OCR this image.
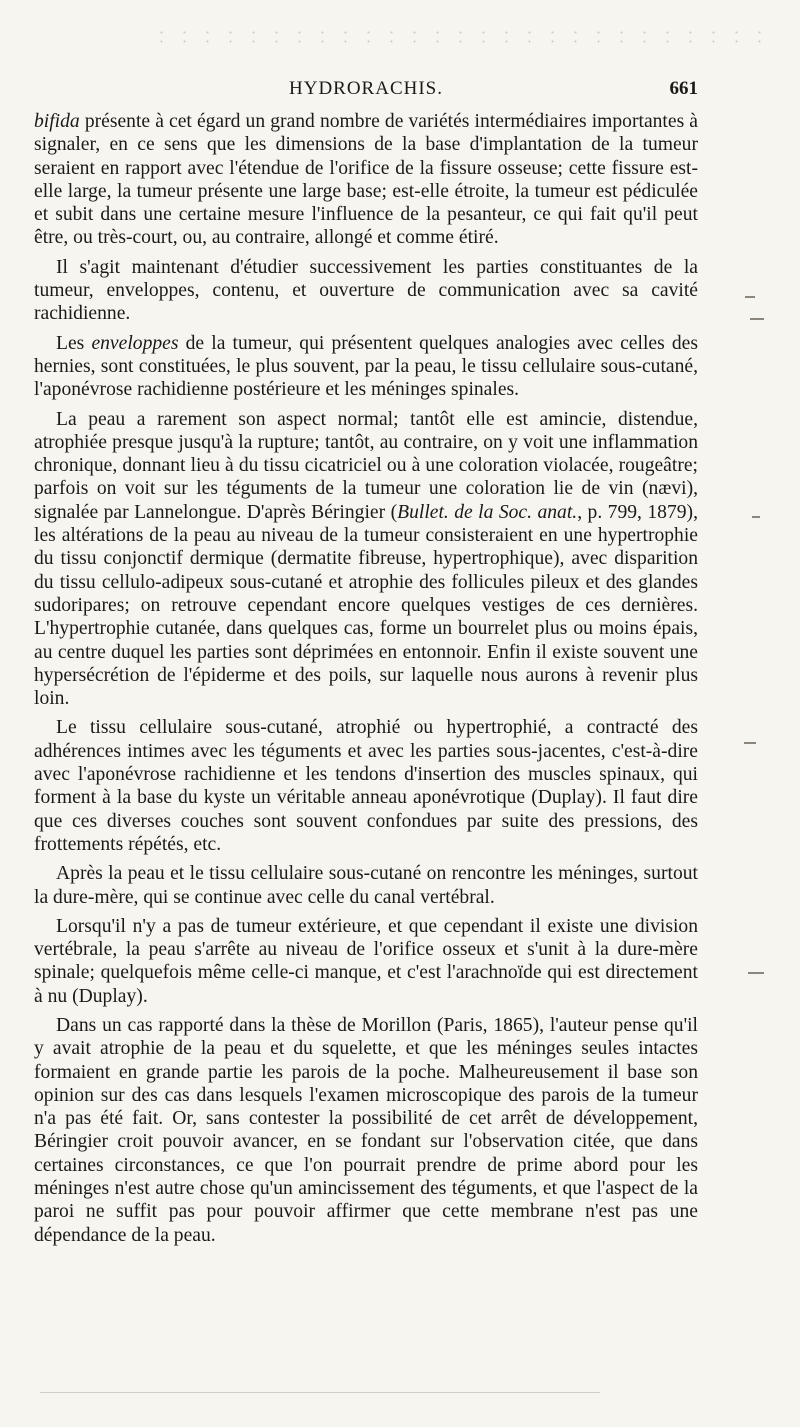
HYDRORACHIS.	661

bifida présente à cet égard un grand nombre de variétés intermédiaires importantes à signaler, en ce sens que les dimensions de la base d'implantation de la tumeur seraient en rapport avec l'étendue de l'orifice de la fissure osseuse; cette fissure est-elle large, la tumeur présente une large base; est-elle étroite, la tumeur est pédiculée et subit dans une certaine mesure l'influence de la pesanteur, ce qui fait qu'il peut être, ou très-court, ou, au contraire, allongé et comme étiré.

Il s'agit maintenant d'étudier successivement les parties constituantes de la tumeur, enveloppes, contenu, et ouverture de communication avec sa cavité rachidienne.

Les enveloppes de la tumeur, qui présentent quelques analogies avec celles des hernies, sont constituées, le plus souvent, par la peau, le tissu cellulaire sous-cutané, l'aponévrose rachidienne postérieure et les méninges spinales.

La peau a rarement son aspect normal; tantôt elle est amincie, distendue, atrophiée presque jusqu'à la rupture; tantôt, au contraire, on y voit une inflammation chronique, donnant lieu à du tissu cicatriciel ou à une coloration violacée, rougeâtre; parfois on voit sur les téguments de la tumeur une coloration lie de vin (nævi), signalée par Lannelongue. D'après Béringier (Bullet. de la Soc. anat., p. 799, 1879), les altérations de la peau au niveau de la tumeur consisteraient en une hypertrophie du tissu conjonctif dermique (dermatite fibreuse, hypertrophique), avec disparition du tissu cellulo-adipeux sous-cutané et atrophie des follicules pileux et des glandes sudoripares; on retrouve cependant encore quelques vestiges de ces dernières. L'hypertrophie cutanée, dans quelques cas, forme un bourrelet plus ou moins épais, au centre duquel les parties sont déprimées en entonnoir. Enfin il existe souvent une hypersécrétion de l'épiderme et des poils, sur laquelle nous aurons à revenir plus loin.

Le tissu cellulaire sous-cutané, atrophié ou hypertrophié, a contracté des adhérences intimes avec les téguments et avec les parties sous-jacentes, c'est-à-dire avec l'aponévrose rachidienne et les tendons d'insertion des muscles spinaux, qui forment à la base du kyste un véritable anneau aponévrotique (Duplay). Il faut dire que ces diverses couches sont souvent confondues par suite des pressions, des frottements répétés, etc.

Après la peau et le tissu cellulaire sous-cutané on rencontre les méninges, surtout la dure-mère, qui se continue avec celle du canal vertébral.

Lorsqu'il n'y a pas de tumeur extérieure, et que cependant il existe une division vertébrale, la peau s'arrête au niveau de l'orifice osseux et s'unit à la dure-mère spinale; quelquefois même celle-ci manque, et c'est l'arachnoïde qui est directement à nu (Duplay).

Dans un cas rapporté dans la thèse de Morillon (Paris, 1865), l'auteur pense qu'il y avait atrophie de la peau et du squelette, et que les méninges seules intactes formaient en grande partie les parois de la poche. Malheureusement il base son opinion sur des cas dans lesquels l'examen microscopique des parois de la tumeur n'a pas été fait. Or, sans contester la possibilité de cet arrêt de développement, Béringier croit pouvoir avancer, en se fondant sur l'observation citée, que dans certaines circonstances, ce que l'on pourrait prendre de prime abord pour les méninges n'est autre chose qu'un amincissement des téguments, et que l'aspect de la paroi ne suffit pas pour pouvoir affirmer que cette membrane n'est pas une dépendance de la peau.
